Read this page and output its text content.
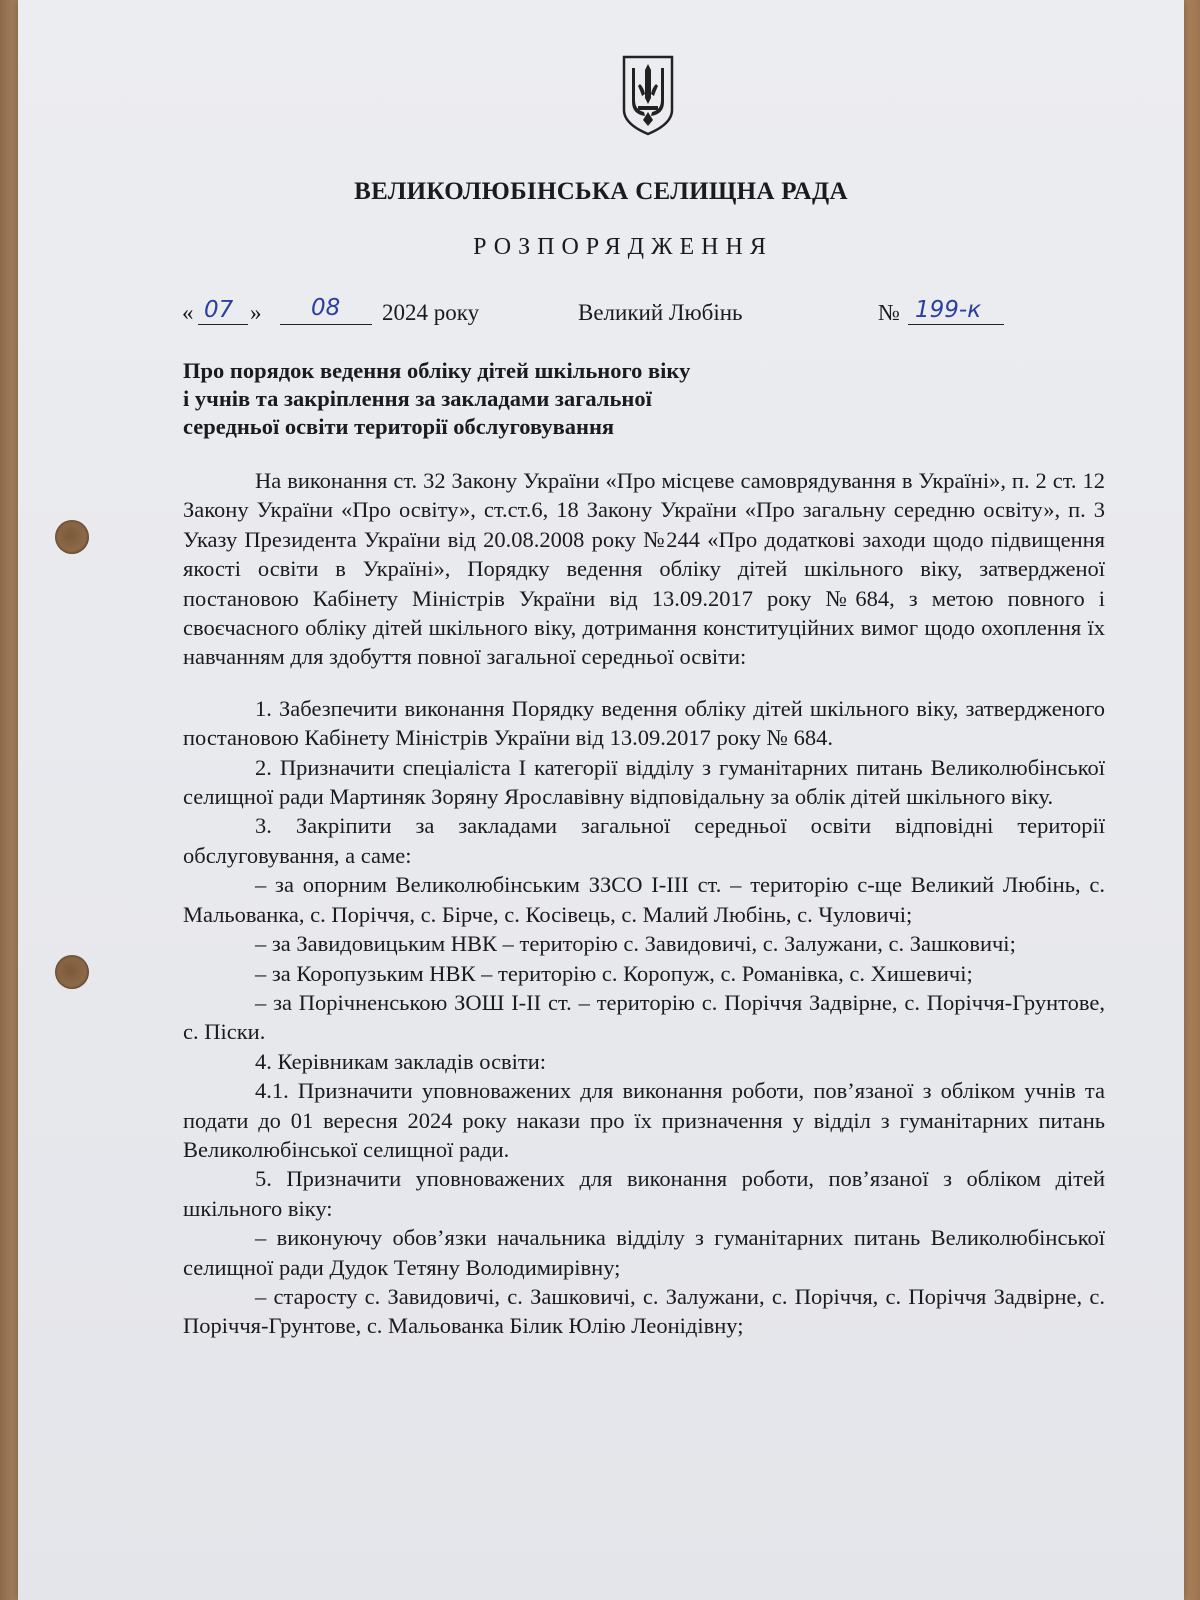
ВЕЛИКОЛЮБІНСЬКА СЕЛИЩНА РАДА
РОЗПОРЯДЖЕННЯ
« 07 » 08 2024 року	Великий Любінь	№ 199-к
Про порядок ведення обліку дітей шкільного віку
і учнів та закріплення за закладами загальної
середньої освіти території обслуговування

На виконання ст. 32 Закону України «Про місцеве самоврядування в Україні», п. 2 ст. 12 Закону України «Про освіту», ст.ст.6, 18 Закону України «Про загальну середню освіту», п. 3 Указу Президента України від 20.08.2008 року №244 «Про додаткові заходи щодо підвищення якості освіти в Україні», Порядку ведення обліку дітей шкільного віку, затвердженої постановою Кабінету Міністрів України від 13.09.2017 року №684, з метою повного і своєчасного обліку дітей шкільного віку, дотримання конституційних вимог щодо охоплення їх навчанням для здобуття повної загальної середньої освіти:

1. Забезпечити виконання Порядку ведення обліку дітей шкільного віку, затвердженого постановою Кабінету Міністрів України від 13.09.2017 року № 684.

2. Призначити спеціаліста І категорії відділу з гуманітарних питань Великолюбінської селищної ради Мартиняк Зоряну Ярославівну відповідальну за облік дітей шкільного віку.

3. Закріпити за закладами загальної середньої освіти відповідні території обслуговування, а саме:

– за опорним Великолюбінським ЗЗСО І-ІІІ ст. – територію с-ще Великий Любінь, с. Мальованка, с. Поріччя, с. Бірче, с. Косівець, с. Малий Любінь, с. Чуловичі;

– за Завидовицьким НВК – територію с. Завидовичі, с. Залужани, с. Зашковичі;

– за Коропузьким НВК – територію с. Коропуж, с. Романівка, с. Хишевичі;

– за Порічненською ЗОШ І-ІІ ст. – територію с. Поріччя Задвірне, с. Поріччя-Грунтове, с. Піски.

4. Керівникам закладів освіти:

4.1. Призначити уповноважених для виконання роботи, пов’язаної з обліком учнів та подати до 01 вересня 2024 року накази про їх призначення у відділ з гуманітарних питань Великолюбінської селищної ради.

5. Призначити уповноважених для виконання роботи, пов’язаної з обліком дітей шкільного віку:

– виконуючу обов’язки начальника відділу з гуманітарних питань Великолюбінської селищної ради Дудок Тетяну Володимирівну;

– старосту с. Завидовичі, с. Зашковичі, с. Залужани, с. Поріччя, с. Поріччя Задвірне, с. Поріччя-Грунтове, с. Мальованка Білик Юлію Леонідівну;
